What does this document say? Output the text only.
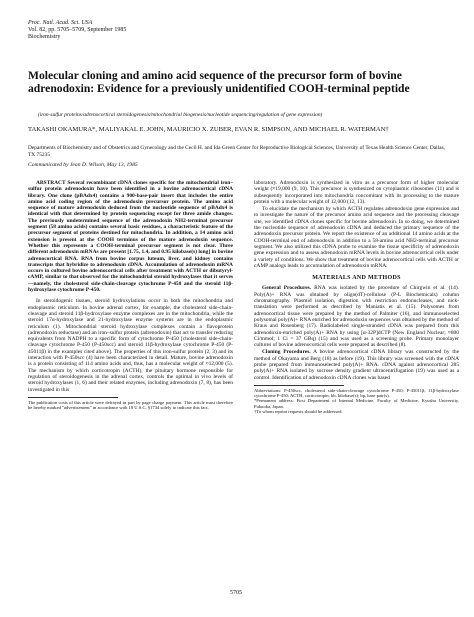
Proc. Natl. Acad. Sci. USA
Vol. 82, pp. 5705–5709, September 1985
Biochemistry
Molecular cloning and amino acid sequence of the precursor form of bovine adrenodoxin: Evidence for a previously unidentified COOH-terminal peptide
(iron-sulfur proteins/adrenocortical steroidogenesis/mitochondrial biogenesis/nucleotide sequencing/regulation of gene expression)
TAKASHI OKAMURA*, MALIYAKAL E. JOHN, MAURICIO X. ZUBER, EVAN R. SIMPSON, AND MICHAEL R. WATERMAN†
Departments of Biochemistry and of Obstetrics and Gynecology and the Cecil H. and Ida Green Center for Reproductive Biological Sciences, University of Texas Health Science Center, Dallas, TX 75235
Communicated by Jean D. Wilson, May 13, 1985
ABSTRACT Several recombinant cDNA clones specific for the mitochondrial iron–sulfur protein adrenodoxin have been identified in a bovine adrenocortical cDNA library. One clone (pBAdx4) contains a 900-base-pair insert that includes the entire amino acid coding region of the adrenodoxin precursor protein. The amino acid sequence of mature adrenodoxin deduced from the nucleotide sequence of pBAdx4 is identical with that determined by protein sequencing except for three amide changes. The previously undetermined sequence of the adrenodoxin NH2-terminal precursor segment (58 amino acids) contains several basic residues, a characteristic feature of the precursor segment of proteins destined for mitochondria. In addition, a 14 amino acid extension is present at the COOH terminus of the mature adrenodoxin sequence. Whether this represents a COOH-terminal precursor segment is not clear. Three different adrenodoxin mRNAs are present [1.75, 1.4, and 0.95 kilobase(s) long] in bovine adrenocortical RNA. RNA from bovine corpus luteum, liver, and kidney contains transcripts that hybridize to adrenodoxin cDNA. Accumulation of adrenodoxin mRNA occurs in cultured bovine adrenocortical cells after treatment with ACTH or dibutyryl-cAMP, similar to that observed for the mitochondrial steroid hydroxylases that it serves—namely, the cholesterol side-chain-cleavage cytochrome P-450 and the steroid 11β-hydroxylase cytochrome P-450.
In steroidogenic tissues, steroid hydroxylations occur in both the mitochondria and endoplasmic reticulum. In bovine adrenal cortex, for example, the cholesterol side-chain-cleavage and steroid 11β-hydroxylase enzyme complexes are in the mitochondria, while the steroid 17α-hydroxylase and 21-hydroxylase enzyme systems are in the endoplasmic reticulum (1). Mitochondrial steroid hydroxylase complexes contain a flavoprotein (adrenodoxin reductase) and an iron–sulfur protein (adrenodoxin) that act to transfer reducing equivalents from NADPH to a specific form of cytochrome P-450 [cholesterol side-chain-cleavage cytochrome P-450 (P-450scc) and steroid 11β-hydroxylase cytochrome P-450 (P-45011β) in the examples cited above]. The properties of this iron-sulfur protein (2, 3) and its interaction with P-450scc (4) have been characterized in detail. Mature, bovine adrenodoxin is a protein consisting of 114 amino acids and, thus, has a molecular weight of ≈12,000 (5). The mechanism by which corticotropin (ACTH), the pituitary hormone responsible for regulation of steroidogenesis in the adrenal cortex, controls the optimal in vivo levels of steroid hydroxylases (1, 6) and their related enzymes, including adrenodoxin (7, 8), has been investigated in this
The publication costs of this article were defrayed in part by page charge payment. This article must therefore be hereby marked "advertisement" in accordance with 18 U.S.C. §1734 solely to indicate this fact.
laboratory. Adrenodoxin is synthesized in vitro as a precursor form of higher molecular weight (≈19,000 (9, 10). This precursor is synthesized on cytoplasmic ribosomes (11) and is subsequently incorporated into mitochondria concomitant with its processing to the mature protein with a molecular weight of 12,000 (12, 13).
To elucidate the mechanism by which ACTH regulates adrenodoxin gene expression and to investigate the nature of the precursor amino acid sequence and the processing cleavage site, we identified cDNA clones specific for bovine adrenodoxin. In so doing, we determined the nucleotide sequence of adrenodoxin cDNA and deduced the primary sequence of the adrenodoxin precursor protein. We report the existence of an additional 14 amino acids at the COOH-terminal end of adrenodoxin in addition to a 58-amino acid NH2-terminal precursor segment. We also utilized this cDNA probe to examine the tissue specificity of adrenodoxin gene expression and to assess adrenodoxin mRNA levels in bovine adrenocortical cells under a variety of conditions. We show that treatment of bovine adrenocortical cells with ACTH or cAMP analogs leads to accumulation of adrenodoxin mRNA.
MATERIALS AND METHODS
General Procedures. RNA was isolated by the procedure of Chirgwin et al. (14). Poly(A)+ RNA was obtained by oligo(dT)-cellulose (P-L Biochemicals) column chromatography. Plasmid isolation, digestion with restriction endonucleases, and nick-translation were performed as described by Maniatis et al. (15). Polysomes from adrenocortical tissue were prepared by the method of Palmiter (16), and immunoselected polysomal poly(A)+ RNA enriched for adrenodoxin sequences was obtained by the method of Kraus and Rosenberg (17). Radiolabeled single-stranded cDNA was prepared from this adrenodoxin-enriched poly(A)+ RNA by using [α-32P]dCTP (New England Nuclear; ≈800 Ci/mmol; 1 Ci = 37 GBq) (15) and was used as a screening probe. Primary monolayer cultures of bovine adrenocortical cells were prepared as described (8).
Cloning Procedures. A bovine adrenocortical cDNA library was constructed by the method of Okayama and Berg (18) as before (19). This library was screened with the cDNA probe prepared from immunoselected poly(A)+ RNA. cDNA against adrenocortical 285 poly(A)+ RNA isolated by sucrose density gradient ultracentrifugation (19) was used as a control. Identification of adrenodoxin cDNA clones was based
Abbreviations: P-450scc, cholesterol side-chain-cleavage cytochrome P-450; P-45011β, 11β-hydroxylase cytochrome P-450; ACTH, corticotropin; kb, kilobase(s); bp, base pair(s).
*Permanent address: First Department of Internal Medicine, Faculty of Medicine, Kyushu University, Fukuoka, Japan.
†To whom reprint requests should be addressed.
5705
